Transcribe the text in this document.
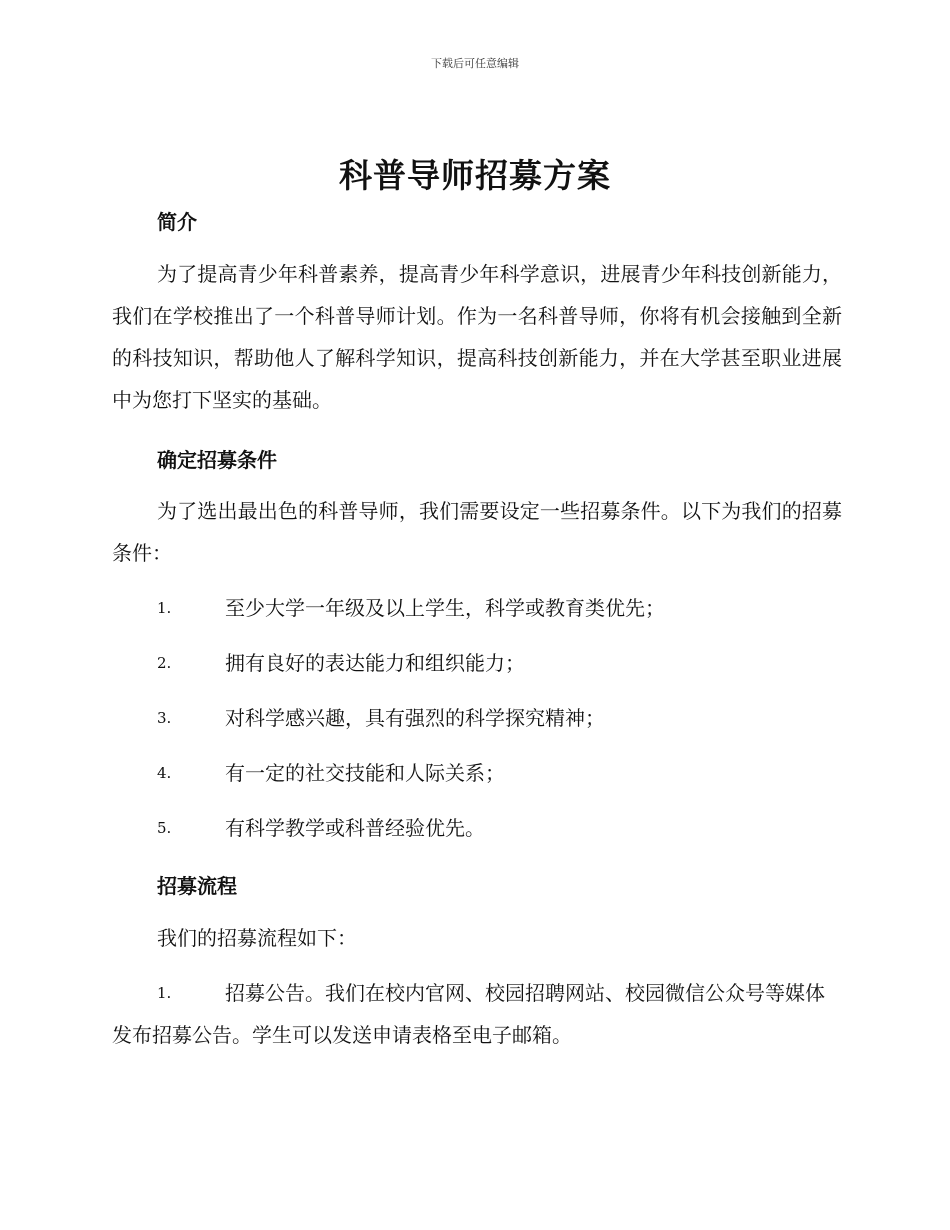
下载后可任意编辑
科普导师招募方案
简介
为了提高青少年科普素养，提高青少年科学意识，进展青少年科技创新能力，我们在学校推出了一个科普导师计划。作为一名科普导师，你将有机会接触到全新的科技知识，帮助他人了解科学知识，提高科技创新能力，并在大学甚至职业进展中为您打下坚实的基础。
确定招募条件
为了选出最出色的科普导师，我们需要设定一些招募条件。以下为我们的招募条件：
1.	至少大学一年级及以上学生，科学或教育类优先；
2.	拥有良好的表达能力和组织能力；
3.	对科学感兴趣，具有强烈的科学探究精神；
4.	有一定的社交技能和人际关系；
5.	有科学教学或科普经验优先。
招募流程
我们的招募流程如下：
1.	招募公告。我们在校内官网、校园招聘网站、校园微信公众号等媒体发布招募公告。学生可以发送申请表格至电子邮箱。
